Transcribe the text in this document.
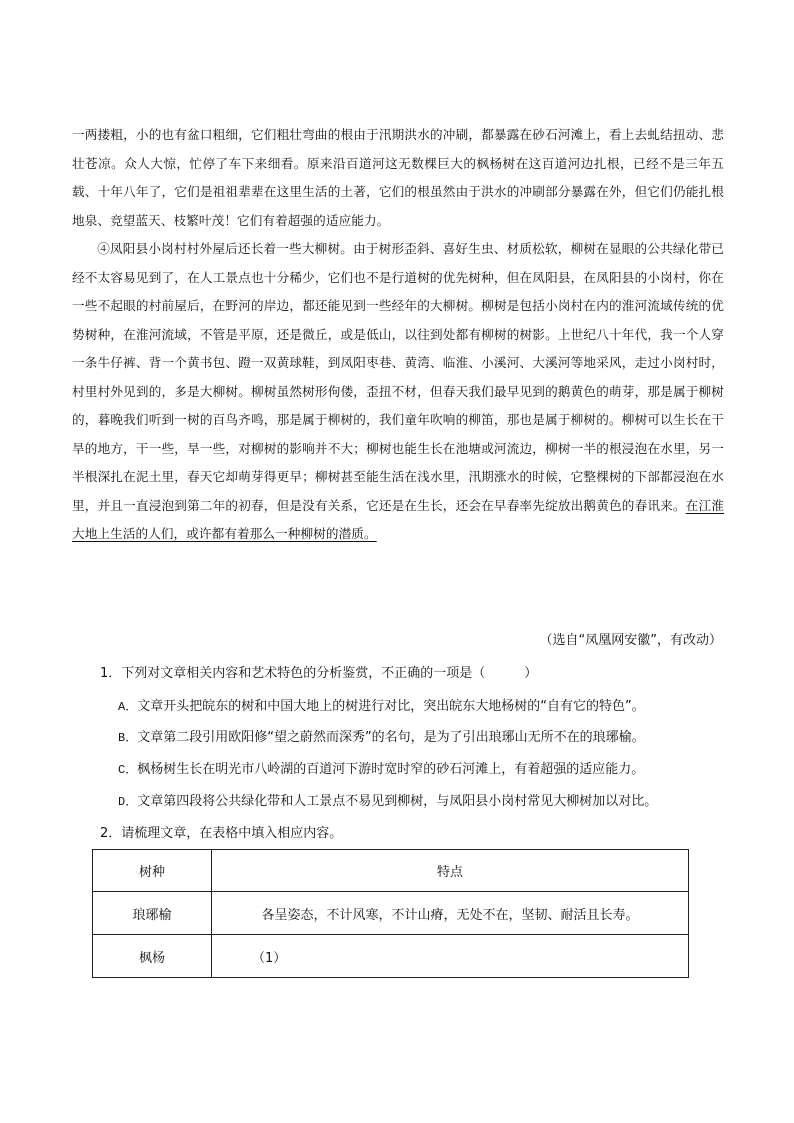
一两搂粗，小的也有盆口粗细，它们粗壮弯曲的根由于汛期洪水的冲刷，都暴露在砂石河滩上，看上去虬结扭动、悲壮苍凉。众人大惊，忙停了车下来细看。原来沿百道河这无数棵巨大的枫杨树在这百道河边扎根，已经不是三年五载、十年八年了，它们是祖祖辈辈在这里生活的土著，它们的根虽然由于洪水的冲刷部分暴露在外，但它们仍能扎根地泉、竞望蓝天、枝繁叶茂！它们有着超强的适应能力。

④凤阳县小岗村村外屋后还长着一些大柳树。由于树形歪斜、喜好生虫、材质松软，柳树在显眼的公共绿化带已经不太容易见到了，在人工景点也十分稀少，它们也不是行道树的优先树种，但在凤阳县，在凤阳县的小岗村，你在一些不起眼的村前屋后，在野河的岸边，都还能见到一些经年的大柳树。柳树是包括小岗村在内的淮河流域传统的优势树种，在淮河流域，不管是平原，还是微丘，或是低山，以往到处都有柳树的树影。上世纪八十年代，我一个人穿一条牛仔裤、背一个黄书包、蹬一双黄球鞋，到凤阳枣巷、黄湾、临淮、小溪河、大溪河等地采风，走过小岗村时，村里村外见到的，多是大柳树。柳树虽然树形佝偻，歪扭不材，但春天我们最早见到的鹅黄色的萌芽，那是属于柳树的，暮晚我们听到一树的百鸟齐鸣，那是属于柳树的，我们童年吹响的柳笛，那也是属于柳树的。柳树可以生长在干旱的地方，干一些，旱一些，对柳树的影响并不大；柳树也能生长在池塘或河流边，柳树一半的根浸泡在水里，另一半根深扎在泥土里，春天它却萌芽得更早；柳树甚至能生活在浅水里，汛期涨水的时候，它整棵树的下部都浸泡在水里，并且一直浸泡到第二年的初春，但是没有关系，它还是在生长，还会在早春率先绽放出鹅黄色的春讯来。在江淮大地上生活的人们，或许都有着那么一种柳树的潜质。

（选自“凤凰网安徽”，有改动）
1．下列对文章相关内容和艺术特色的分析鉴赏，不正确的一项是（　　　）
A．文章开头把皖东的树和中国大地上的树进行对比，突出皖东大地杨树的“自有它的特色”。
B．文章第二段引用欧阳修“望之蔚然而深秀”的名句，是为了引出琅琊山无所不在的琅琊榆。
C．枫杨树生长在明光市八岭湖的百道河下游时宽时窄的砂石河滩上，有着超强的适应能力。
D．文章第四段将公共绿化带和人工景点不易见到柳树，与凤阳县小岗村常见大柳树加以对比。
2．请梳理文章，在表格中填入相应内容。
树种	特点
琅琊榆	各呈姿态，不计风寒，不计山瘠，无处不在，坚韧、耐活且长寿。
枫杨	（1）
